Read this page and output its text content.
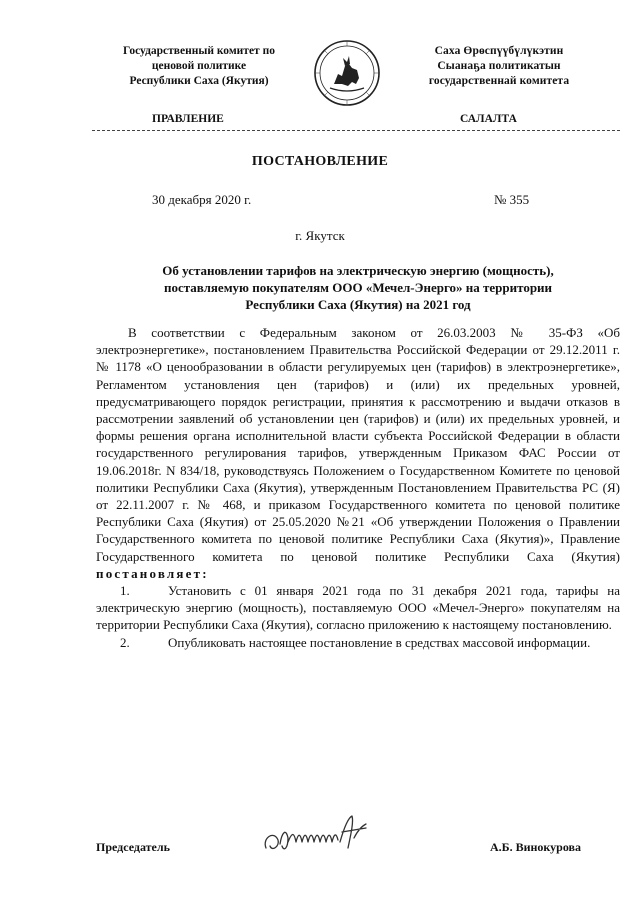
Государственный комитет по
ценовой политике
Республики Саха (Якутия)
Саха Өрөспүүбүлүкэтин
Сыанаҕа политикатын
государственнай комитета
ПРАВЛЕНИЕ	САЛАЛТА
ПОСТАНОВЛЕНИЕ
30 декабря 2020 г.	№ 355
г. Якутск
Об установлении тарифов на электрическую энергию (мощность),
поставляемую покупателям ООО «Мечел-Энерго» на территории
Республики Саха (Якутия) на 2021 год

В соответствии с Федеральным законом от 26.03.2003 № 35-ФЗ «Об электроэнергетике», постановлением Правительства Российской Федерации от 29.12.2011 г. № 1178 «О ценообразовании в области регулируемых цен (тарифов) в электроэнергетике», Регламентом установления цен (тарифов) и (или) их предельных уровней, предусматривающего порядок регистрации, принятия к рассмотрению и выдачи отказов в рассмотрении заявлений об установлении цен (тарифов) и (или) их предельных уровней, и формы решения органа исполнительной власти субъекта Российской Федерации в области государственного регулирования тарифов, утвержденным Приказом ФАС России от 19.06.2018г. N 834/18, руководствуясь Положением о Государственном Комитете по ценовой политики Республики Саха (Якутия), утвержденным Постановлением Правительства РС (Я) от 22.11.2007 г. № 468, и приказом Государственного комитета по ценовой политике Республики Саха (Якутия) от 25.05.2020 №21 «Об утверждении Положения о Правлении Государственного комитета по ценовой политике Республики Саха (Якутия)», Правление Государственного комитета по ценовой политике Республики Саха (Якутия) постановляет:

1.	Установить с 01 января 2021 года по 31 декабря 2021 года, тарифы на электрическую энергию (мощность), поставляемую ООО «Мечел-Энерго» покупателям на территории Республики Саха (Якутия), согласно приложению к настоящему постановлению.

2.	Опубликовать настоящее постановление в средствах массовой информации.

Председатель	А.Б. Винокурова
